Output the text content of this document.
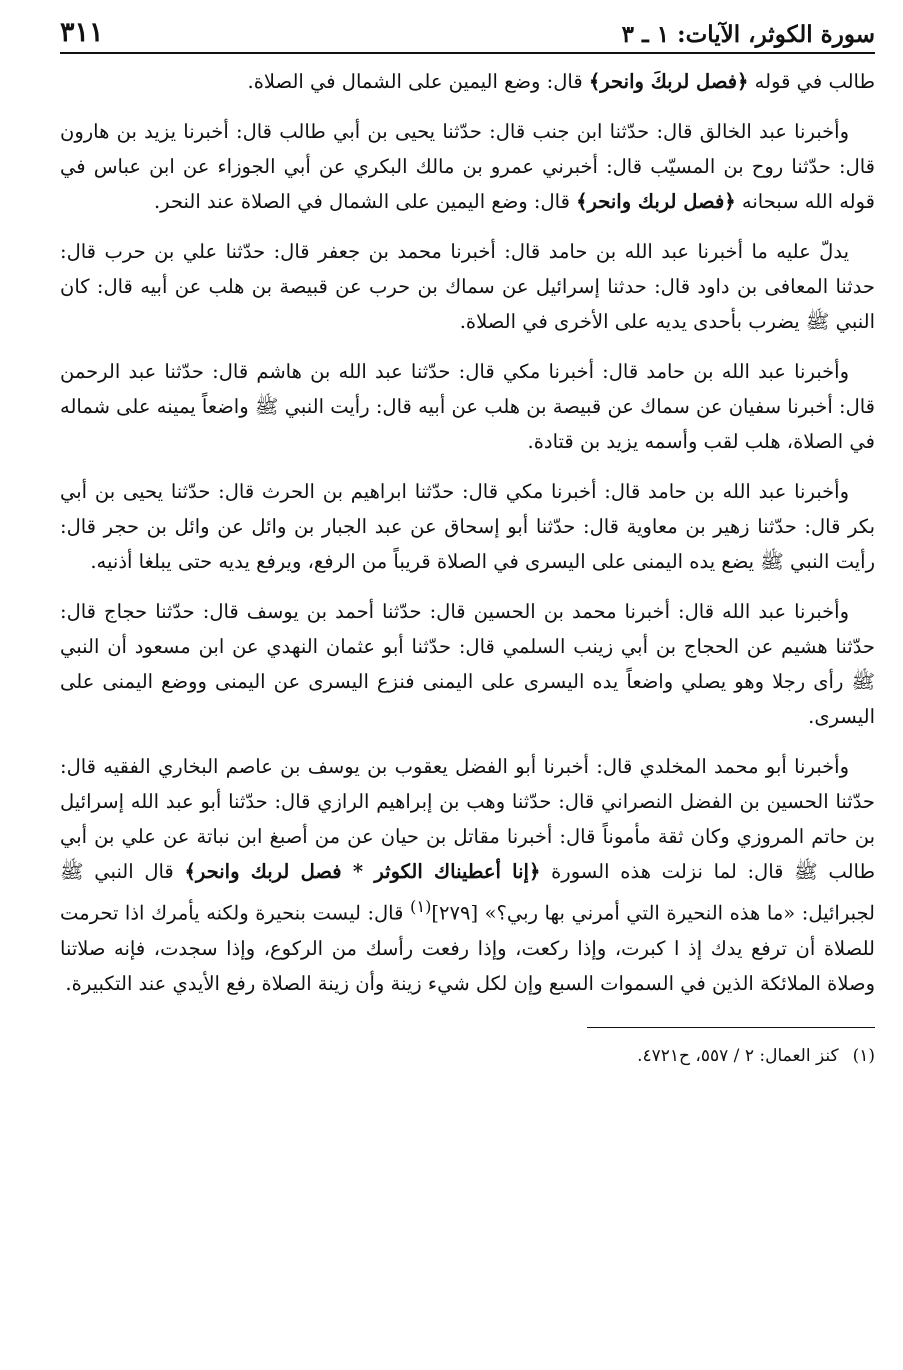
سورة الكوثر، الآيات: ١ ـ ٣
٣١١

طالب في قوله ﴿فصل لربكَ وانحر﴾ قال: وضع اليمين على الشمال في الصلاة.

وأخبرنا عبد الخالق قال: حدّثنا ابن جنب قال: حدّثنا يحيى بن أبي طالب قال: أخبرنا يزيد بن هارون قال: حدّثنا روح بن المسيّب قال: أخبرني عمرو بن مالك البكري عن أبي الجوزاء عن ابن عباس في قوله الله سبحانه ﴿فصل لربك وانحر﴾ قال: وضع اليمين على الشمال في الصلاة عند النحر.

يدلّ عليه ما أخبرنا عبد الله بن حامد قال: أخبرنا محمد بن جعفر قال: حدّثنا علي بن حرب قال: حدثنا المعافى بن داود قال: حدثنا إسرائيل عن سماك بن حرب عن قبيصة بن هلب عن أبيه قال: كان النبي ﷺ يضرب بأحدى يديه على الأخرى في الصلاة.

وأخبرنا عبد الله بن حامد قال: أخبرنا مكي قال: حدّثنا عبد الله بن هاشم قال: حدّثنا عبد الرحمن قال: أخبرنا سفيان عن سماك عن قبيصة بن هلب عن أبيه قال: رأيت النبي ﷺ واضعاً يمينه على شماله في الصلاة، هلب لقب وأسمه يزيد بن قتادة.

وأخبرنا عبد الله بن حامد قال: أخبرنا مكي قال: حدّثنا ابراهيم بن الحرث قال: حدّثنا يحيى بن أبي بكر قال: حدّثنا زهير بن معاوية قال: حدّثنا أبو إسحاق عن عبد الجبار بن وائل عن وائل بن حجر قال: رأيت النبي ﷺ يضع يده اليمنى على اليسرى في الصلاة قريباً من الرفع، ويرفع يديه حتى يبلغا أذنيه.

وأخبرنا عبد الله قال: أخبرنا محمد بن الحسين قال: حدّثنا أحمد بن يوسف قال: حدّثنا حجاج قال: حدّثنا هشيم عن الحجاج بن أبي زينب السلمي قال: حدّثنا أبو عثمان النهدي عن ابن مسعود أن النبي ﷺ رأى رجلا وهو يصلي واضعاً يده اليسرى على اليمنى فنزع اليسرى عن اليمنى ووضع اليمنى على اليسرى.

وأخبرنا أبو محمد المخلدي قال: أخبرنا أبو الفضل يعقوب بن يوسف بن عاصم البخاري الفقيه قال: حدّثنا الحسين بن الفضل النصراني قال: حدّثنا وهب بن إبراهيم الرازي قال: حدّثنا أبو عبد الله إسرائيل بن حاتم المروزي وكان ثقة مأموناً قال: أخبرنا مقاتل بن حيان عن من أصبغ ابن نباتة عن علي بن أبي طالب ﷺ قال: لما نزلت هذه السورة ﴿إنا أعطيناك الكوثر * فصل لربك وانحر﴾ قال النبي ﷺ لجبرائيل: «ما هذه النحيرة التي أمرني بها ربي؟» [٢٧٩]$^{(١)}$ قال: ليست بنحيرة ولكنه يأمرك اذا تحرمت للصلاة أن ترفع يدك إذ ا كبرت، وإذا ركعت، وإذا رفعت رأسك من الركوع، وإذا سجدت، فإنه صلاتنا وصلاة الملائكة الذين في السموات السبع وإن لكل شيء زينة وأن زينة الصلاة رفع الأيدي عند التكبيرة.

(١)كنز العمال: ٢ / ٥٥٧، ح٤٧٢١.
